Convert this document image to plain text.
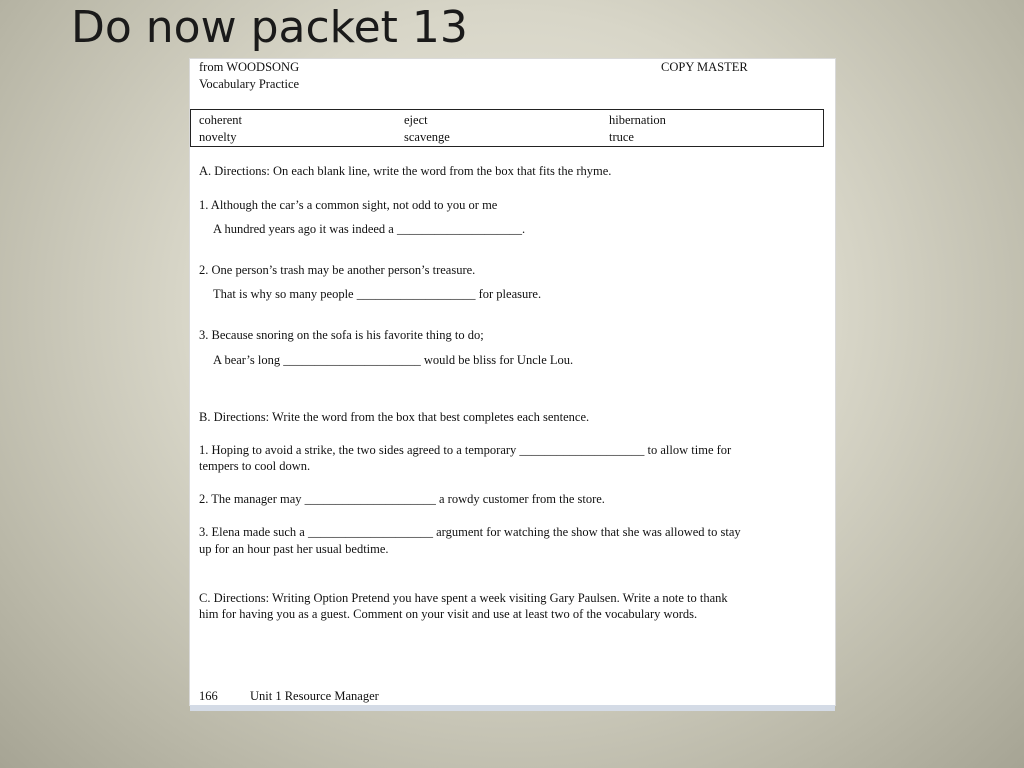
Do now packet 13
from WOODSONG
Vocabulary Practice
COPY MASTER
coherent	eject	hibernation
novelty	scavenge	truce
A. Directions: On each blank line, write the word from the box that fits the rhyme.
1. Although the car’s a common sight, not odd to you or me
A hundred years ago it was indeed a ____________________.
2. One person’s trash may be another person’s treasure.
That is why so many people ___________________ for pleasure.
3. Because snoring on the sofa is his favorite thing to do;
A bear’s long ______________________ would be bliss for Uncle Lou.
B. Directions: Write the word from the box that best completes each sentence.
1. Hoping to avoid a strike, the two sides agreed to a temporary ____________________ to allow time for
tempers to cool down.
2. The manager may _____________________ a rowdy customer from the store.
3. Elena made such a ____________________ argument for watching the show that she was allowed to stay
up for an hour past her usual bedtime.
C. Directions: Writing Option Pretend you have spent a week visiting Gary Paulsen. Write a note to thank
him for having you as a guest. Comment on your visit and use at least two of the vocabulary words.
166	Unit 1 Resource Manager
